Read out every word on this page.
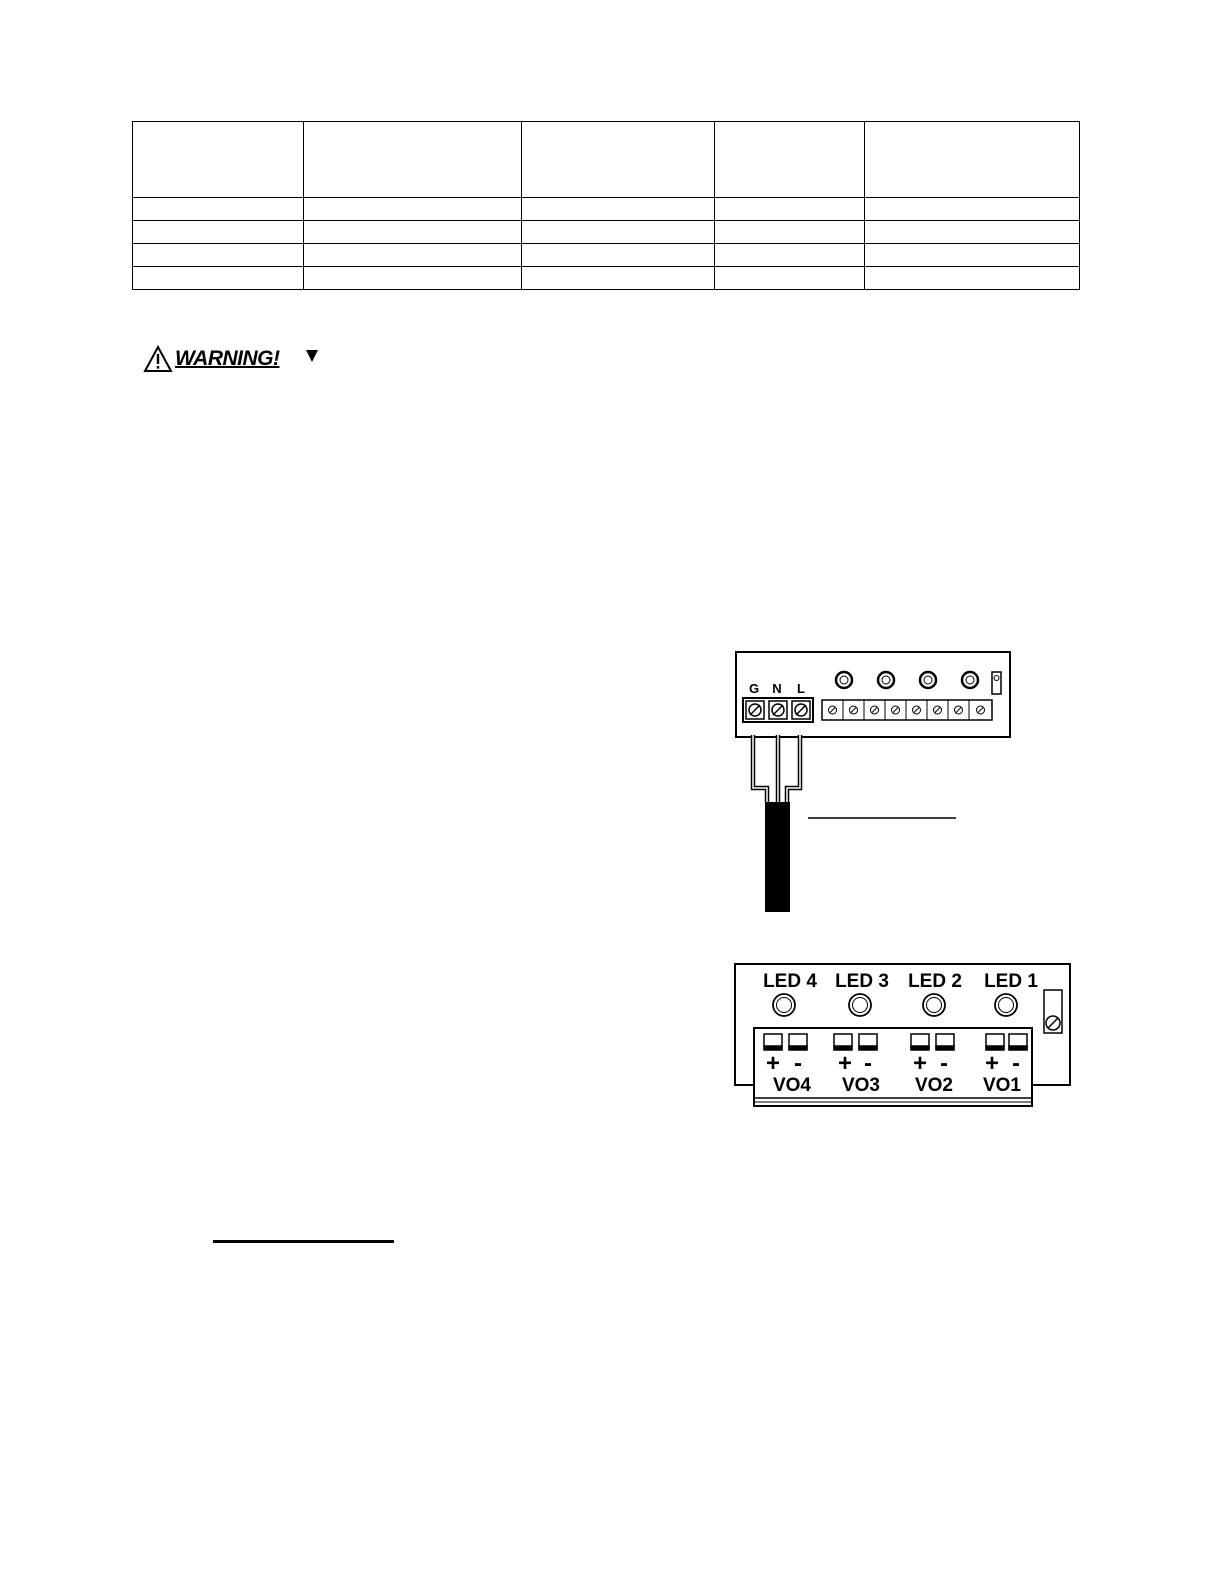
WARNING!
G N L
LED 4 LED 3 LED 2 LED 1
+ - + - + - + -
VO4 VO3 VO2 VO1
